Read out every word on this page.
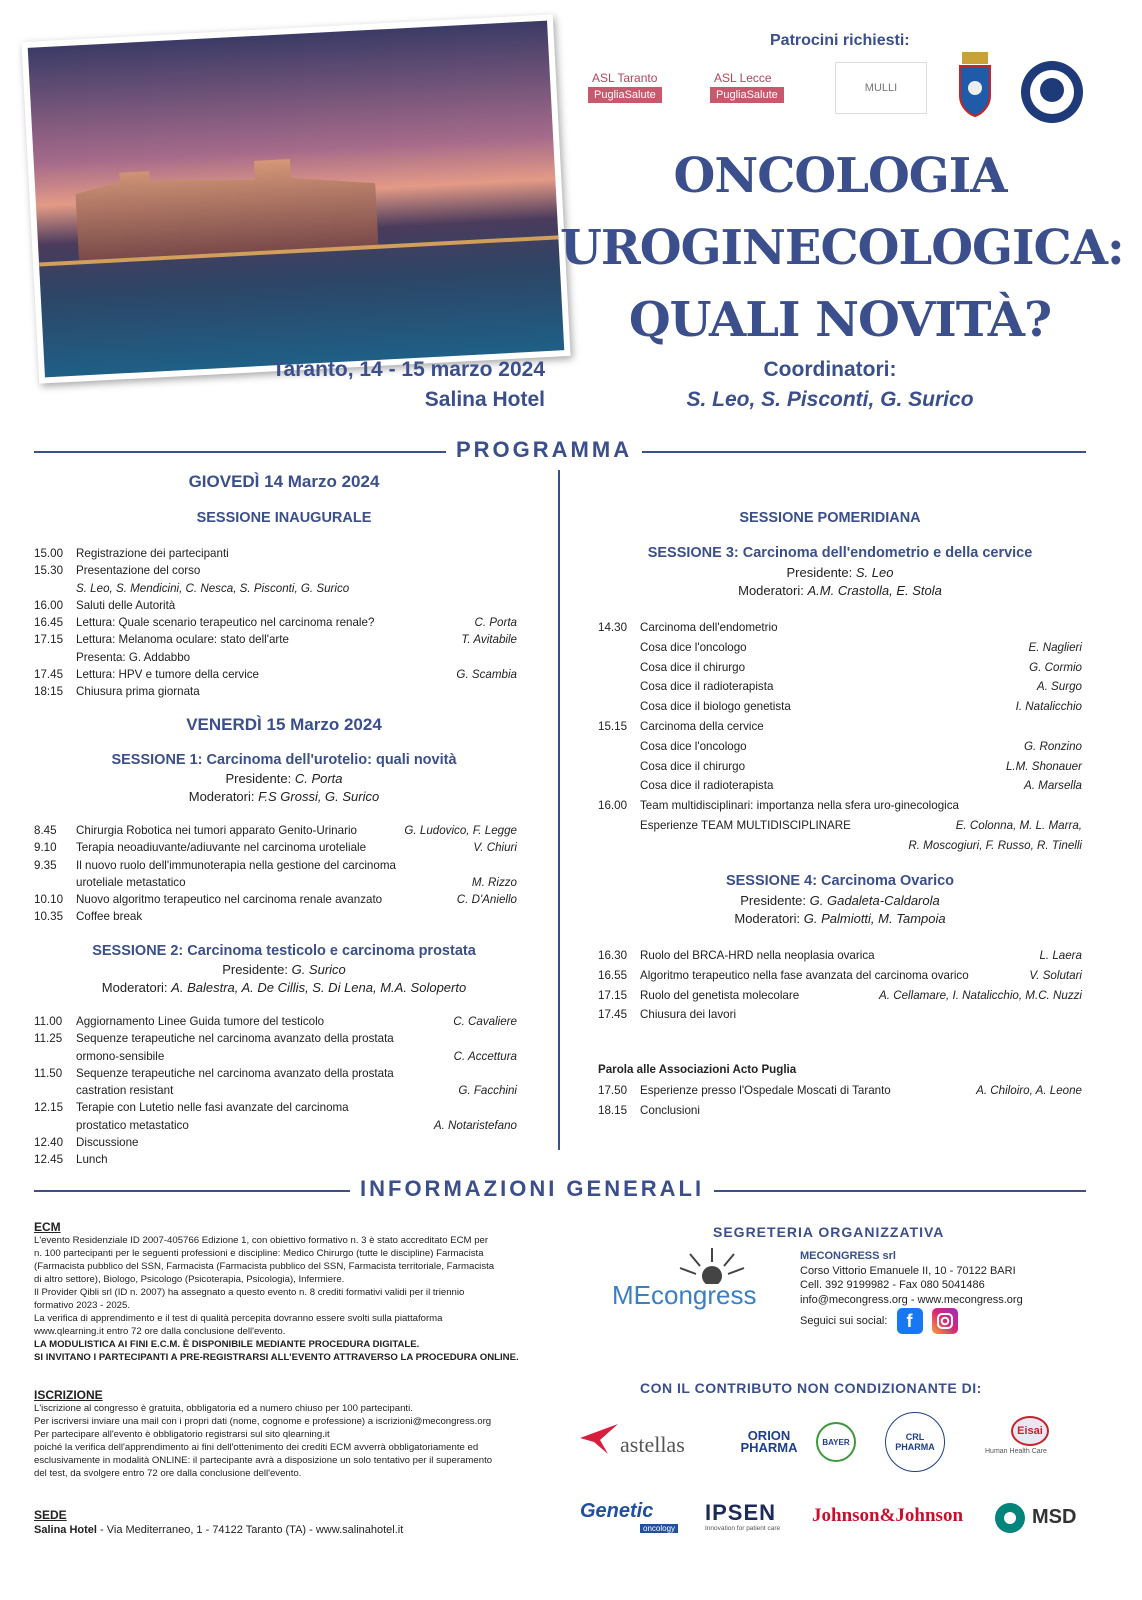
Patrocini richiesti:
ASL Taranto
PugliaSalute
ASL Lecce
PugliaSalute
MULLI
ONCOLOGIA
UROGINECOLOGICA:
QUALI NOVITÀ?
Taranto, 14 - 15 marzo 2024
Salina Hotel
Coordinatori:
S. Leo, S. Pisconti, G. Surico
PROGRAMMA
GIOVEDÌ 14 Marzo 2024
SESSIONE INAUGURALE
15.00	Registrazione dei partecipanti
15.30	Presentazione del corso
S. Leo, S. Mendicini, C. Nesca, S. Pisconti, G. Surico
16.00	Saluti delle Autorità
16.45	Lettura: Quale scenario terapeutico nel carcinoma renale?	C. Porta
17.15	Lettura: Melanoma oculare: stato dell'arte	T. Avitabile
Presenta: G. Addabbo
17.45	Lettura: HPV e tumore della cervice	G. Scambia
18:15	Chiusura prima giornata
VENERDÌ 15 Marzo 2024
SESSIONE 1: Carcinoma dell'urotelio: quali novità
Presidente: C. Porta
Moderatori: F.S Grossi, G. Surico
8.45	Chirurgia Robotica nei tumori apparato Genito-Urinario	G. Ludovico, F. Legge
9.10	Terapia neoadiuvante/adiuvante nel carcinoma uroteliale	V. Chiuri
9.35	Il nuovo ruolo dell'immunoterapia nella gestione del carcinoma
uroteliale metastatico	M. Rizzo
10.10	Nuovo algoritmo terapeutico nel carcinoma renale avanzato	C. D'Aniello
10.35	Coffee break
SESSIONE 2: Carcinoma testicolo e carcinoma prostata
Presidente: G. Surico
Moderatori: A. Balestra, A. De Cillis, S. Di Lena, M.A. Soloperto
11.00	Aggiornamento Linee Guida tumore del testicolo	C. Cavaliere
11.25	Sequenze terapeutiche nel carcinoma avanzato della prostata
ormono-sensibile	C. Accettura
11.50	Sequenze terapeutiche nel carcinoma avanzato della prostata
castration resistant	G. Facchini
12.15	Terapie con Lutetio nelle fasi avanzate del carcinoma
prostatico metastatico	A. Notaristefano
12.40	Discussione
12.45	Lunch
SESSIONE POMERIDIANA
SESSIONE 3: Carcinoma dell'endometrio e della cervice
Presidente: S. Leo
Moderatori: A.M. Crastolla, E. Stola
14.30	Carcinoma dell'endometrio
Cosa dice l'oncologo	E. Naglieri
Cosa dice il chirurgo	G. Cormio
Cosa dice il radioterapista	A. Surgo
Cosa dice il biologo genetista	I. Natalicchio
15.15	Carcinoma della cervice
Cosa dice l'oncologo	G. Ronzino
Cosa dice il chirurgo	L.M. Shonauer
Cosa dice il radioterapista	A. Marsella
16.00	Team multidisciplinari: importanza nella sfera uro-ginecologica
Esperienze TEAM MULTIDISCIPLINARE	E. Colonna, M. L. Marra,
R. Moscogiuri, F. Russo, R. Tinelli
SESSIONE 4: Carcinoma Ovarico
Presidente: G. Gadaleta-Caldarola
Moderatori: G. Palmiotti, M. Tampoia
16.30	Ruolo del BRCA-HRD nella neoplasia ovarica	L. Laera
16.55	Algoritmo terapeutico nella fase avanzata del carcinoma ovarico	V. Solutari
17.15	Ruolo del genetista molecolare	A. Cellamare, I. Natalicchio, M.C. Nuzzi
17.45	Chiusura dei lavori
Parola alle Associazioni Acto Puglia
17.50	Esperienze presso l'Ospedale Moscati di Taranto	A. Chiloiro, A. Leone
18.15	Conclusioni
INFORMAZIONI GENERALI
ECM
L'evento Residenziale ID 2007-405766 Edizione 1, con obiettivo formativo n. 3 è stato accreditato ECM per
n. 100 partecipanti per le seguenti professioni e discipline: Medico Chirurgo (tutte le discipline) Farmacista
(Farmacista pubblico del SSN, Farmacista (Farmacista pubblico del SSN, Farmacista territoriale, Farmacista
di altro settore), Biologo, Psicologo (Psicoterapia, Psicologia), Infermiere.
Il Provider Qibli srl (ID n. 2007) ha assegnato a questo evento n. 8 crediti formativi validi per il triennio
formativo 2023 - 2025.
La verifica di apprendimento e il test di qualità percepita dovranno essere svolti sulla piattaforma
www.qlearning.it entro 72 ore dalla conclusione dell'evento.
LA MODULISTICA AI FINI E.C.M. È DISPONIBILE MEDIANTE PROCEDURA DIGITALE.
SI INVITANO I PARTECIPANTI A PRE-REGISTRARSI ALL'EVENTO ATTRAVERSO LA PROCEDURA ONLINE.
ISCRIZIONE
L'iscrizione al congresso è gratuita, obbligatoria ed a numero chiuso per 100 partecipanti.
Per iscriversi inviare una mail con i propri dati (nome, cognome e professione) a iscrizioni@mecongress.org
Per partecipare all'evento è obbligatorio registrarsi sul sito qlearning.it
poiché la verifica dell'apprendimento ai fini dell'ottenimento dei crediti ECM avverrà obbligatoriamente ed
esclusivamente in modalità ONLINE: il partecipante avrà a disposizione un solo tentativo per il superamento
del test, da svolgere entro 72 ore dalla conclusione dell'evento.
SEDE
Salina Hotel - Via Mediterraneo, 1 - 74122 Taranto (TA) - www.salinahotel.it
SEGRETERIA ORGANIZZATIVA
MEcongress
MECONGRESS srl
Corso Vittorio Emanuele II, 10 - 70122 BARI
Cell. 392 9199982 - Fax 080 5041486
info@mecongress.org - www.mecongress.org
Seguici sui social: f
CON IL CONTRIBUTO NON CONDIZIONANTE DI:
astellas	ORION PHARMA	BAYER	CRL PHARMA
Eisai
Human Health Care
Genetic
oncology
IPSEN
Innovation for patient care
Johnson&Johnson	MSD
